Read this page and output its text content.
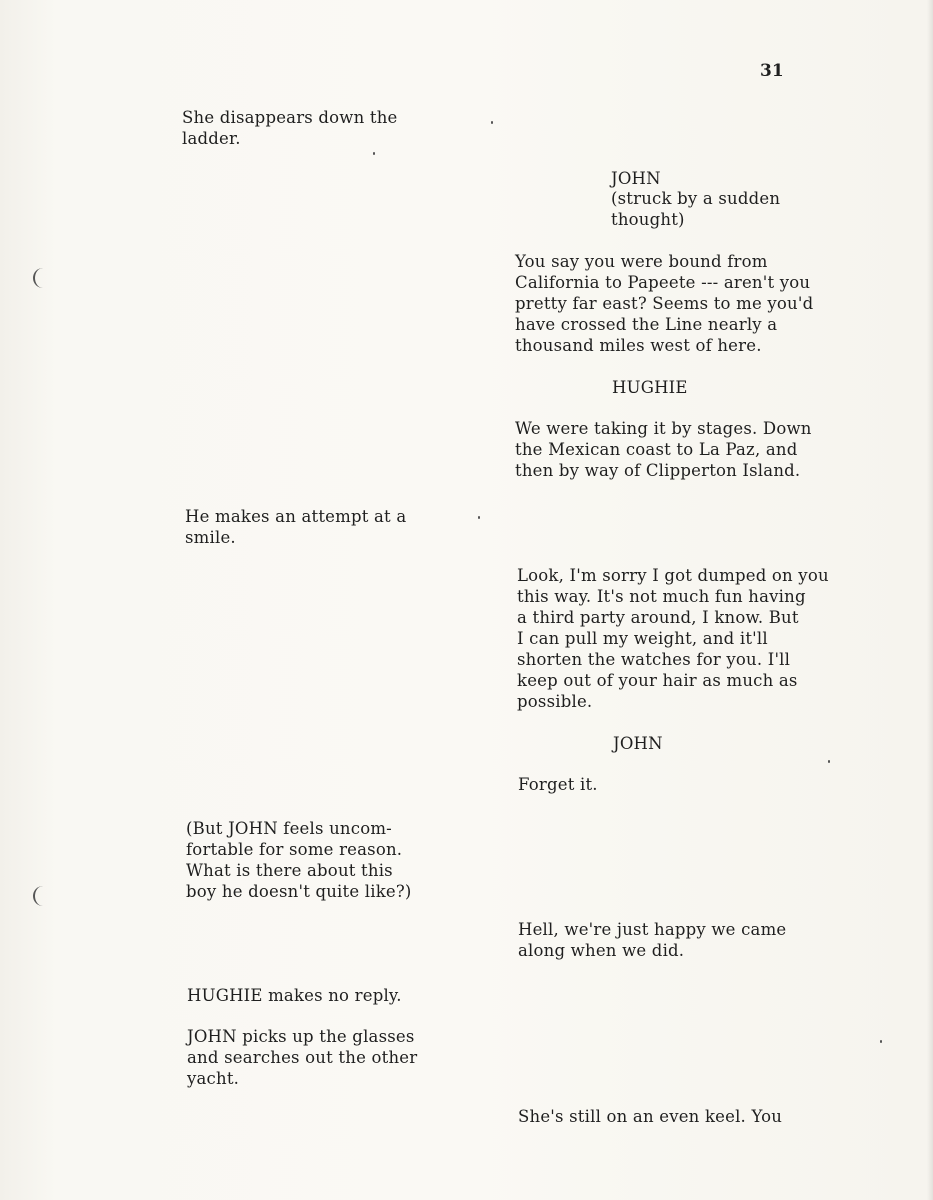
31
She disappears down the
ladder.
He makes an attempt at a
smile.
(But JOHN feels uncom-
fortable for some reason.
What is there about this
boy he doesn't quite like?)
HUGHIE makes no reply.
JOHN picks up the glasses
and searches out the other
yacht.
JOHN
(struck by a sudden
thought)
You say you were bound from
California to Papeete --- aren't you
pretty far east? Seems to me you'd
have crossed the Line nearly a
thousand miles west of here.
HUGHIE
We were taking it by stages. Down
the Mexican coast to La Paz, and
then by way of Clipperton Island.
Look, I'm sorry I got dumped on you
this way. It's not much fun having
a third party around, I know. But
I can pull my weight, and it'll
shorten the watches for you. I'll
keep out of your hair as much as
possible.
JOHN
Forget it.
Hell, we're just happy we came
along when we did.
She's still on an even keel. You
